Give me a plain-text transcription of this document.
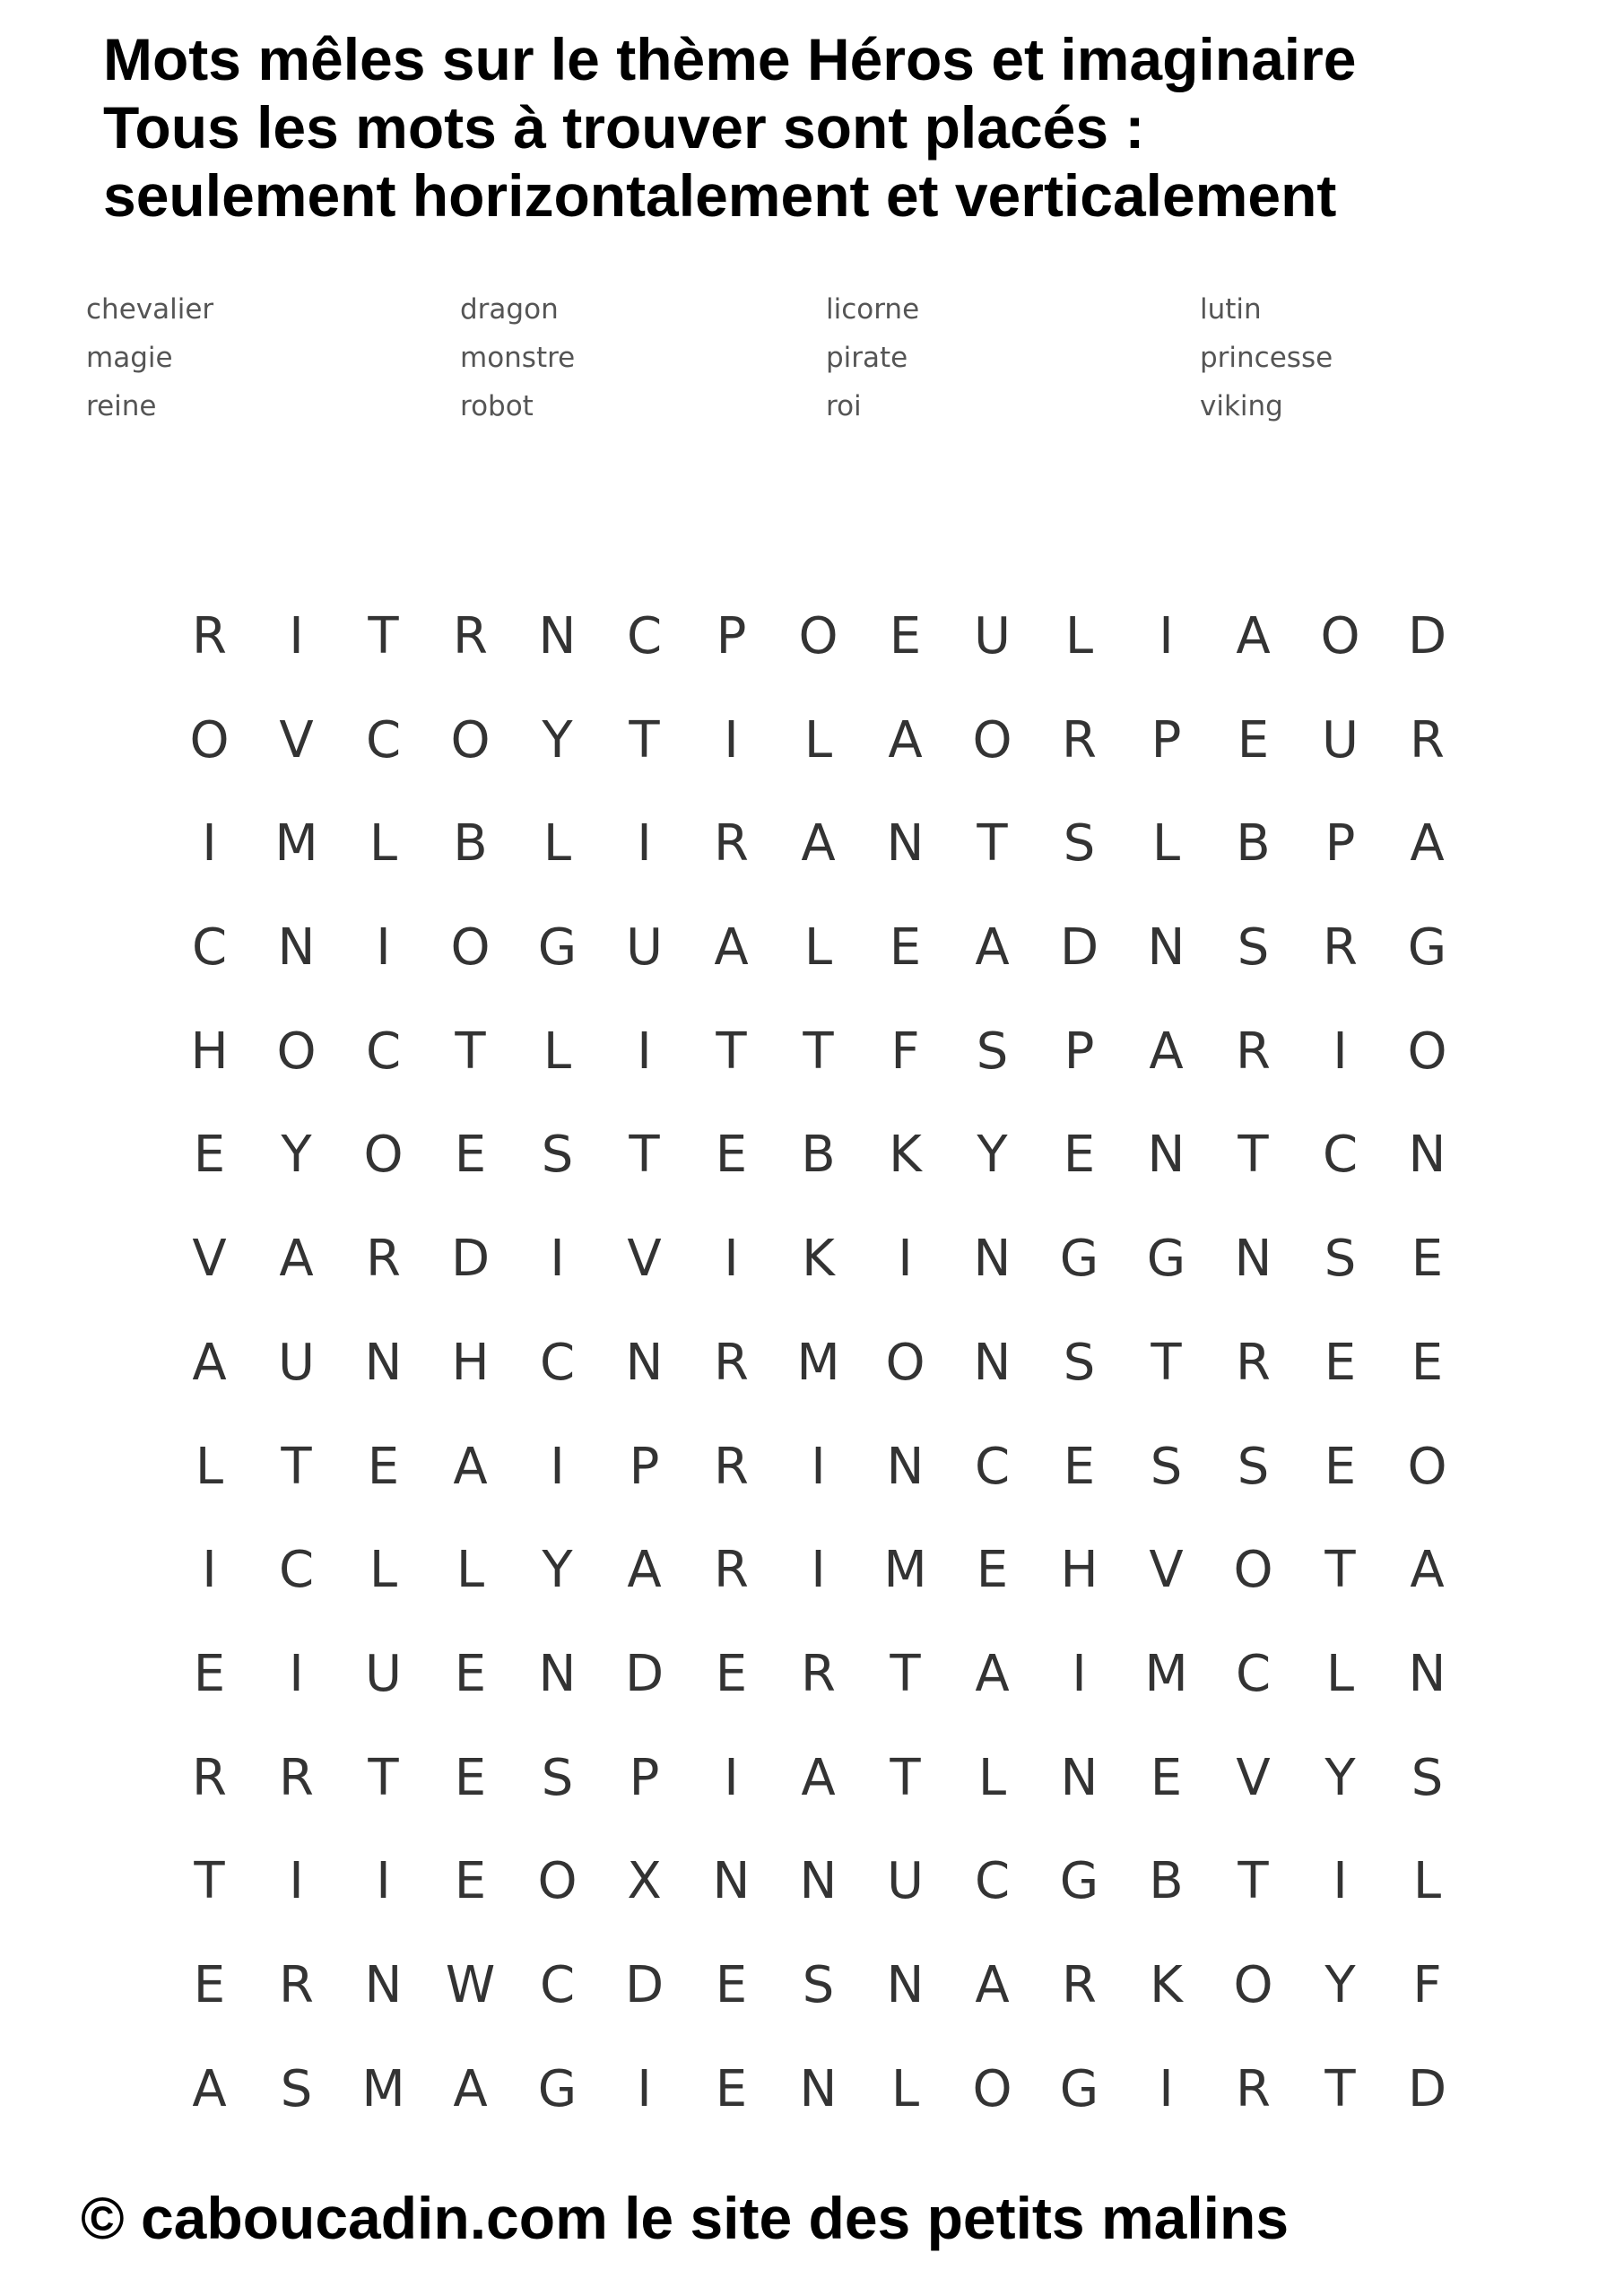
Mots mêles sur le thème Héros et imaginaire
Tous les mots à trouver sont placés :
seulement horizontalement et verticalement
chevalier
magie
reine
dragon
monstre
robot
licorne
pirate
roi
lutin
princesse
viking
R	I	T	R	N	C	P	O	E	U	L	I	A O D
O V	C O	Y	T	I	L	A O R	P	E	U	R
I	M	L	B	L	I	R	A	N	T	S	L	B	P	A
C	N	I	O G U	A	L	E	A	D N	S	R G
H O C	T	L	I	T	T	F	S	P	A	R	I	O
E	Y	O	E	S	T	E	B	K	Y	E	N	T	C	N
V	A	R D	I	V	I	K	I	N G G N	S	E
A	U N H	C	N	R M O N	S	T	R	E	E
L	T	E	A	I	P	R	I	N	C	E	S	S	E	O
I	C	L	L	Y	A	R	I	M E	H	V O	T	A
E	I	U	E	N D	E	R	T	A	I	M C	L	N
R	R	T	E	S	P	I	A	T	L	N	E	V	Y	S
T	I	I	E	O X	N N U	C G	B	T	I	L
E	R	N W C D	E	S	N	A	R	K	O	Y	F
A	S M A	G	I	E	N	L	O G	I	R	T	D
© caboucadin.com le site des petits malins
